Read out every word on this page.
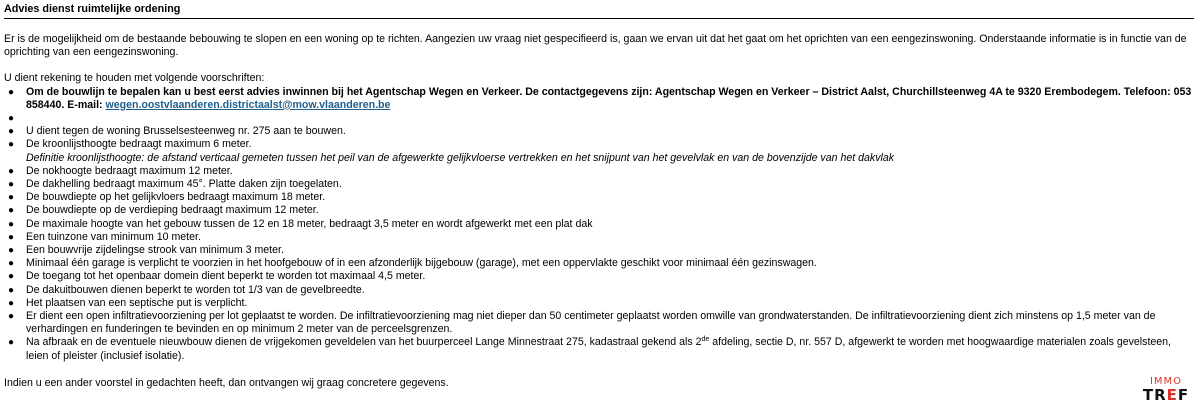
Advies dienst ruimtelijke ordening

Er is de mogelijkheid om de bestaande bebouwing te slopen en een woning op te richten. Aangezien uw vraag niet gespecifieerd is, gaan we ervan uit dat het gaat om het oprichten van een eengezinswoning. Onderstaande informatie is in functie van de oprichting van een eengezinswoning.

U dient rekening te houden met volgende voorschriften:

● Om de bouwlijn te bepalen kan u best eerst advies inwinnen bij het Agentschap Wegen en Verkeer. De contactgegevens zijn: Agentschap Wegen en Verkeer – District Aalst, Churchillsteenweg 4A te 9320 Erembodegem. Telefoon: 053 858440. E-mail: wegen.oostvlaanderen.districtaalst@mow.vlaanderen.be
●

● U dient tegen de woning Brusselsesteenweg nr. 275 aan te bouwen.
● De kroonlijsthoogte bedraagt maximum 6 meter.
Definitie kroonlijsthoogte: de afstand verticaal gemeten tussen het peil van de afgewerkte gelijkvloerse vertrekken en het snijpunt van het gevelvlak en van de bovenzijde van het dakvlak
● De nokhoogte bedraagt maximum 12 meter.
● De dakhelling bedraagt maximum 45°. Platte daken zijn toegelaten.
● De bouwdiepte op het gelijkvloers bedraagt maximum 18 meter.
● De bouwdiepte op de verdieping bedraagt maximum 12 meter.
● De maximale hoogte van het gebouw tussen de 12 en 18 meter, bedraagt 3,5 meter en wordt afgewerkt met een plat dak
● Een tuinzone van minimum 10 meter.
● Een bouwvrije zijdelingse strook van minimum 3 meter.
● Minimaal één garage is verplicht te voorzien in het hoofgebouw of in een afzonderlijk bijgebouw (garage), met een oppervlakte geschikt voor minimaal één gezinswagen.
● De toegang tot het openbaar domein dient beperkt te worden tot maximaal 4,5 meter.
● De dakuitbouwen dienen beperkt te worden tot 1/3 van de gevelbreedte.
● Het plaatsen van een septische put is verplicht.
● Er dient een open infiltratievoorziening per lot geplaatst te worden. De infiltratievoorziening mag niet dieper dan 50 centimeter geplaatst worden omwille van grondwaterstanden. De infiltratievoorziening dient zich minstens op 1,5 meter van de verhardingen en funderingen te bevinden en op minimum 2 meter van de perceelsgrenzen.
● Na afbraak en de eventuele nieuwbouw dienen de vrijgekomen geveldelen van het buurperceel Lange Minnestraat 275, kadastraal gekend als 2de afdeling, sectie D, nr. 557 D, afgewerkt te worden met hoogwaardige materialen zoals gevelsteen, leien of pleister (inclusief isolatie).

Indien u een ander voorstel in gedachten heeft, dan ontvangen wij graag concretere gegevens.	IMMO
TREF
